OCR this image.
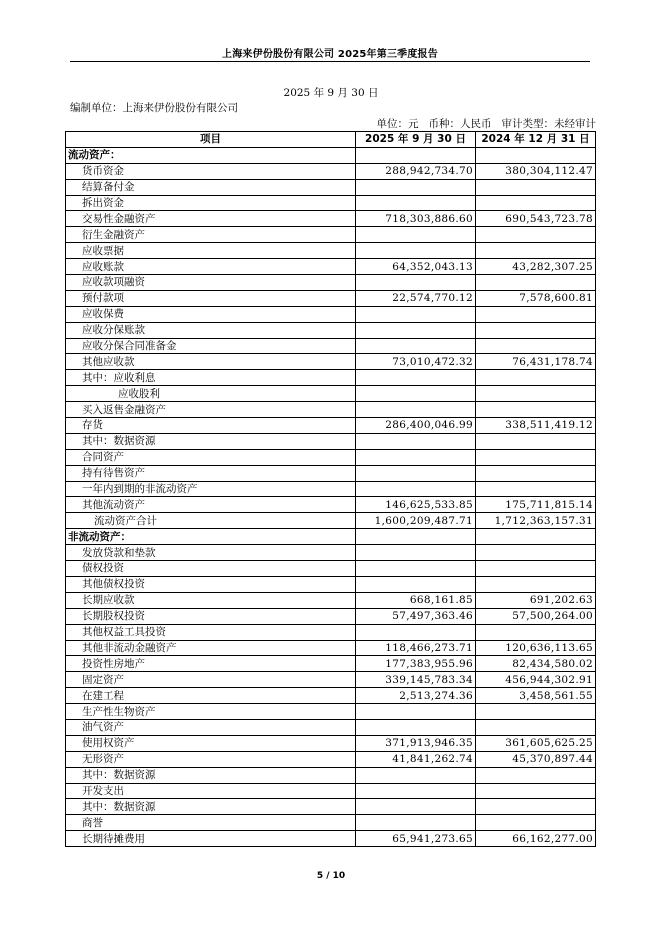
上海来伊份股份有限公司 2025年第三季度报告
2025 年 9 月 30 日
编制单位：上海来伊份股份有限公司
单位：元   币种：人民币   审计类型：未经审计
项目	2025 年 9 月 30 日	2024 年 12 月 31 日
流动资产：		
货币资金	288,942,734.70	380,304,112.47
结算备付金		
拆出资金		
交易性金融资产	718,303,886.60	690,543,723.78
衍生金融资产		
应收票据		
应收账款	64,352,043.13	43,282,307.25
应收款项融资		
预付款项	22,574,770.12	7,578,600.81
应收保费		
应收分保账款		
应收分保合同准备金		
其他应收款	73,010,472.32	76,431,178.74
其中：应收利息		
应收股利		
买入返售金融资产		
存货	286,400,046.99	338,511,419.12
其中：数据资源		
合同资产		
持有待售资产		
一年内到期的非流动资产		
其他流动资产	146,625,533.85	175,711,815.14
流动资产合计	1,600,209,487.71	1,712,363,157.31
非流动资产：		
发放贷款和垫款		
债权投资		
其他债权投资		
长期应收款	668,161.85	691,202.63
长期股权投资	57,497,363.46	57,500,264.00
其他权益工具投资		
其他非流动金融资产	118,466,273.71	120,636,113.65
投资性房地产	177,383,955.96	82,434,580.02
固定资产	339,145,783.34	456,944,302.91
在建工程	2,513,274.36	3,458,561.55
生产性生物资产		
油气资产		
使用权资产	371,913,946.35	361,605,625.25
无形资产	41,841,262.74	45,370,897.44
其中：数据资源		
开发支出		
其中：数据资源		
商誉		
长期待摊费用	65,941,273.65	66,162,277.00
5 / 10
